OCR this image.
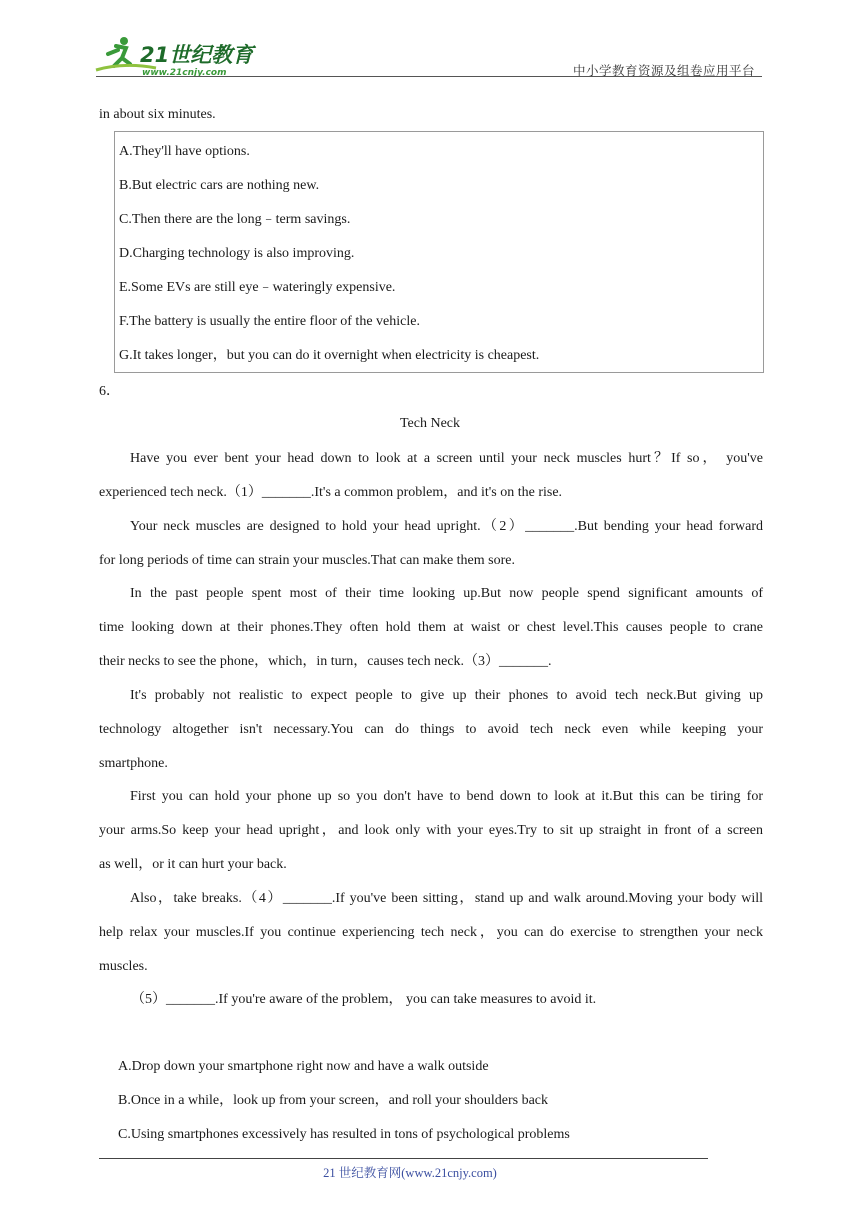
21世纪教育
www.21cnjy.com	中小学教育资源及组卷应用平台

in about six minutes.

A.They'll have options.
B.But electric cars are nothing new.
C.Then there are the long﹣term savings.
D.Charging technology is also improving.
E.Some EVs are still eye﹣wateringly expensive.
F.The battery is usually the entire floor of the vehicle.
G.It takes longer，but you can do it overnight when electricity is cheapest.

6．

Tech Neck

Have you ever bent your head down to look at a screen until your neck muscles hurt？If so， you've

experienced tech neck.（1）_______.It's a common problem，and it's on the rise.

Your neck muscles are designed to hold your head upright.（2）_______.But bending your head forward

for long periods of time can strain your muscles.That can make them sore.

In the past people spent most of their time looking up.But now people spend significant amounts of

time looking down at their phones.They often hold them at waist or chest level.This causes people to crane

their necks to see the phone，which，in turn，causes tech neck.（3）_______.

It's probably not realistic to expect people to give up their phones to avoid tech neck.But giving up

technology altogether isn't necessary.You can do things to avoid tech neck even while keeping your

smartphone.

First you can hold your phone up so you don't have to bend down to look at it.But this can be tiring for

your arms.So keep your head upright，and look only with your eyes.Try to sit up straight in front of a screen

as well，or it can hurt your back.

Also，take breaks.（4）_______.If you've been sitting，stand up and walk around.Moving your body will

help relax your muscles.If you continue experiencing tech neck，you can do exercise to strengthen your neck

muscles.

（5）_______.If you're aware of the problem， you can take measures to avoid it.

A.Drop down your smartphone right now and have a walk outside
B.Once in a while，look up from your screen，and roll your shoulders back
C.Using smartphones excessively has resulted in tons of psychological problems
21 世纪教育网(www.21cnjy.com)
